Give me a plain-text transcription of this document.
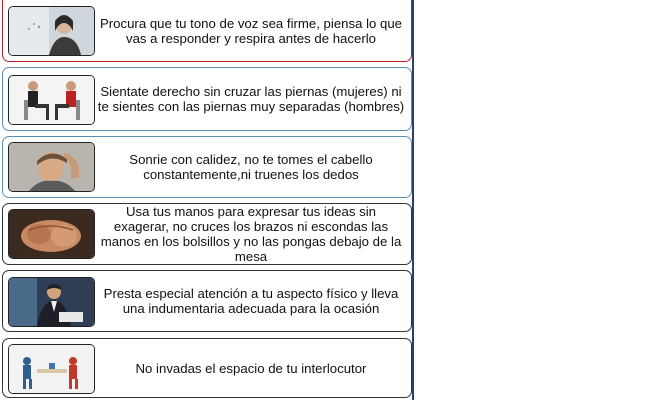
Procura que tu tono de voz sea firme, piensa lo que vas a responder y respira antes de hacerlo
Sientate derecho sin cruzar las piernas (mujeres) ni te sientes con las piernas muy separadas (hombres)
Sonrie con calidez, no te tomes el cabello constantemente,ni truenes los dedos
Usa tus manos para expresar tus ideas sin exagerar, no cruces los brazos ni escondas las manos en los bolsillos y no las pongas debajo de la mesa
Presta especial atención a tu aspecto físico y lleva una indumentaria adecuada para la ocasión
No invadas el espacio de tu interlocutor
